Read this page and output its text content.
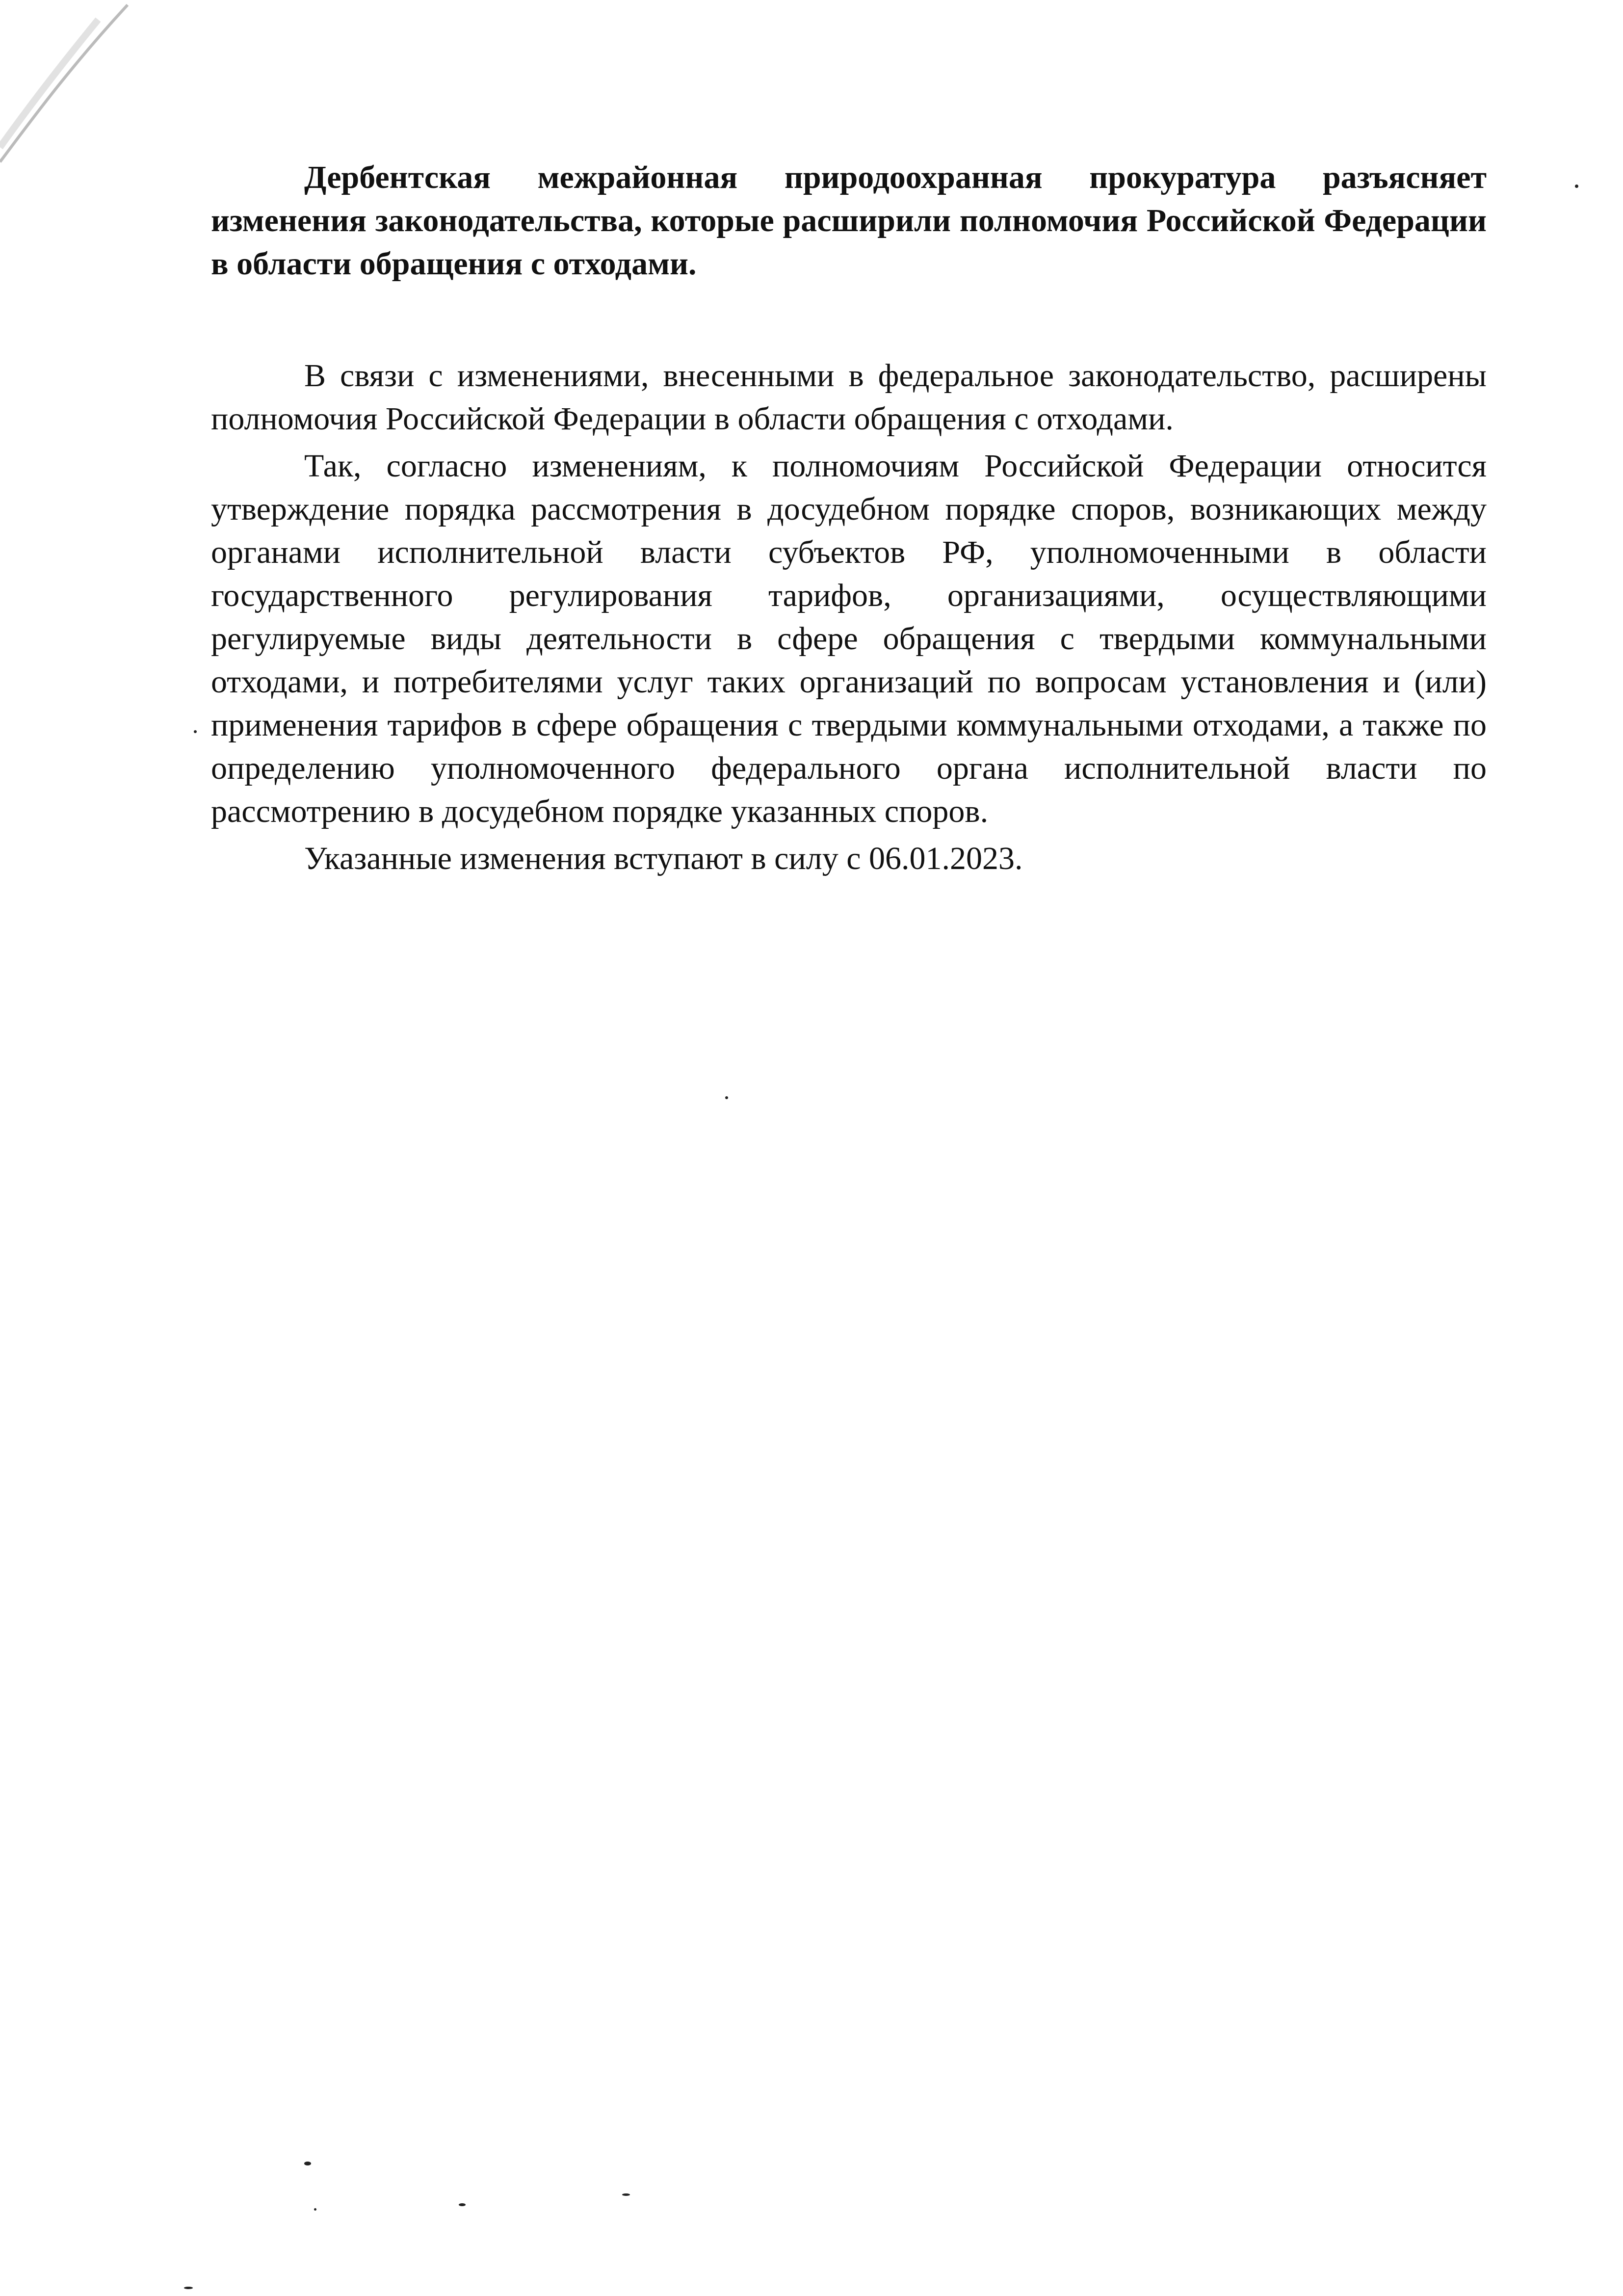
Дербентская межрайонная природоохранная прокуратура разъясняет изменения законодательства, которые расширили полномочия Российской Федерации в области обращения с отходами.

В связи с изменениями, внесенными в федеральное законодательство, расширены полномочия Российской Федерации в области обращения с отходами.

Так, согласно изменениям, к полномочиям Российской Федерации относится утверждение порядка рассмотрения в досудебном порядке споров, возникающих между органами исполнительной власти субъектов РФ, уполномоченными в области государственного регулирования тарифов, организациями, осуществляющими регулируемые виды деятельности в сфере обращения с твердыми коммунальными отходами, и потребителями услуг таких организаций по вопросам установления и (или) применения тарифов в сфере обращения с твердыми коммунальными отходами, а также по определению уполномоченного федерального органа исполнительной власти по рассмотрению в досудебном порядке указанных споров.

Указанные изменения вступают в силу с 06.01.2023.
